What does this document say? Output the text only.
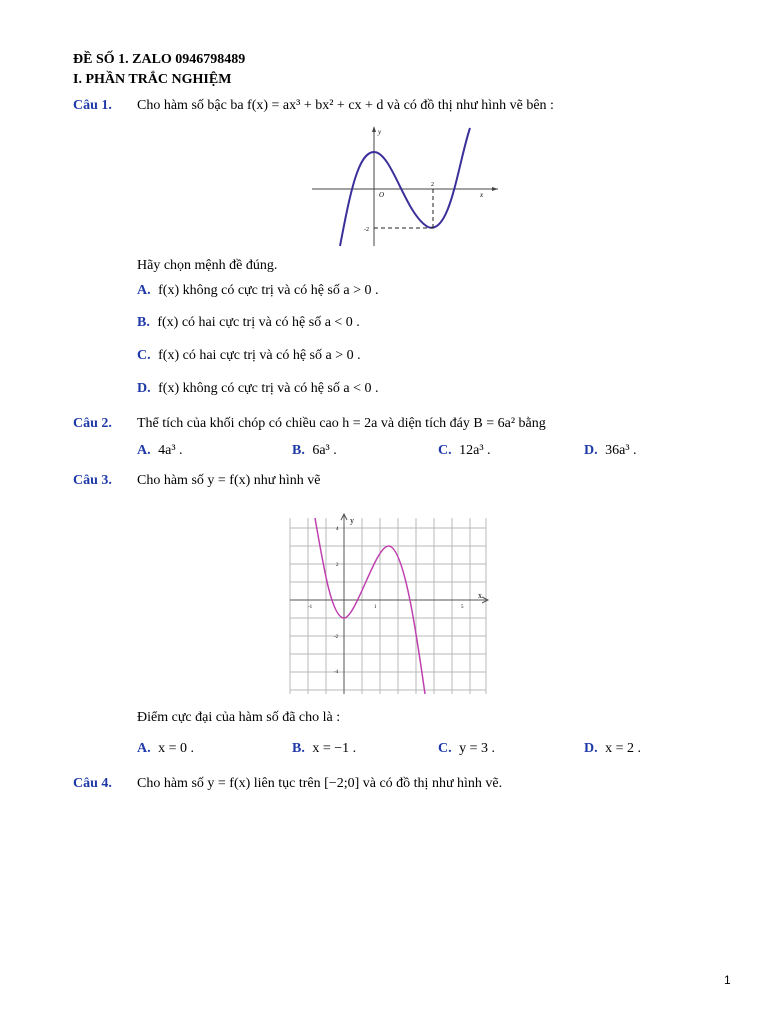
ĐỀ SỐ 1. ZALO 0946798489
I. PHẦN TRẮC NGHIỆM
Câu 1. Cho hàm số bậc ba f(x) = ax³ + bx² + cx + d và có đồ thị như hình vẽ bên :
O	x
y
2
-2
Hãy chọn mệnh đề đúng.
A. f(x) không có cực trị và có hệ số a > 0 .
B. f(x) có hai cực trị và có hệ số a < 0 .
C. f(x) có hai cực trị và có hệ số a > 0 .
D. f(x) không có cực trị và có hệ số a < 0 .
Câu 2. Thể tích của khối chóp có chiều cao h = 2a và diện tích đáy B = 6a² bằng
A. 4a³ .	B. 6a³ .	C. 12a³ .	D. 36a³ .
Câu 3. Cho hàm số y = f(x) như hình vẽ
y
x
4
2
-2
-4
-1	1	5
Điểm cực đại của hàm số đã cho là :
A. x = 0 .	B. x = −1 .	C. y = 3 .	D. x = 2 .
Câu 4. Cho hàm số y = f(x) liên tục trên [−2;0] và có đồ thị như hình vẽ.
1
